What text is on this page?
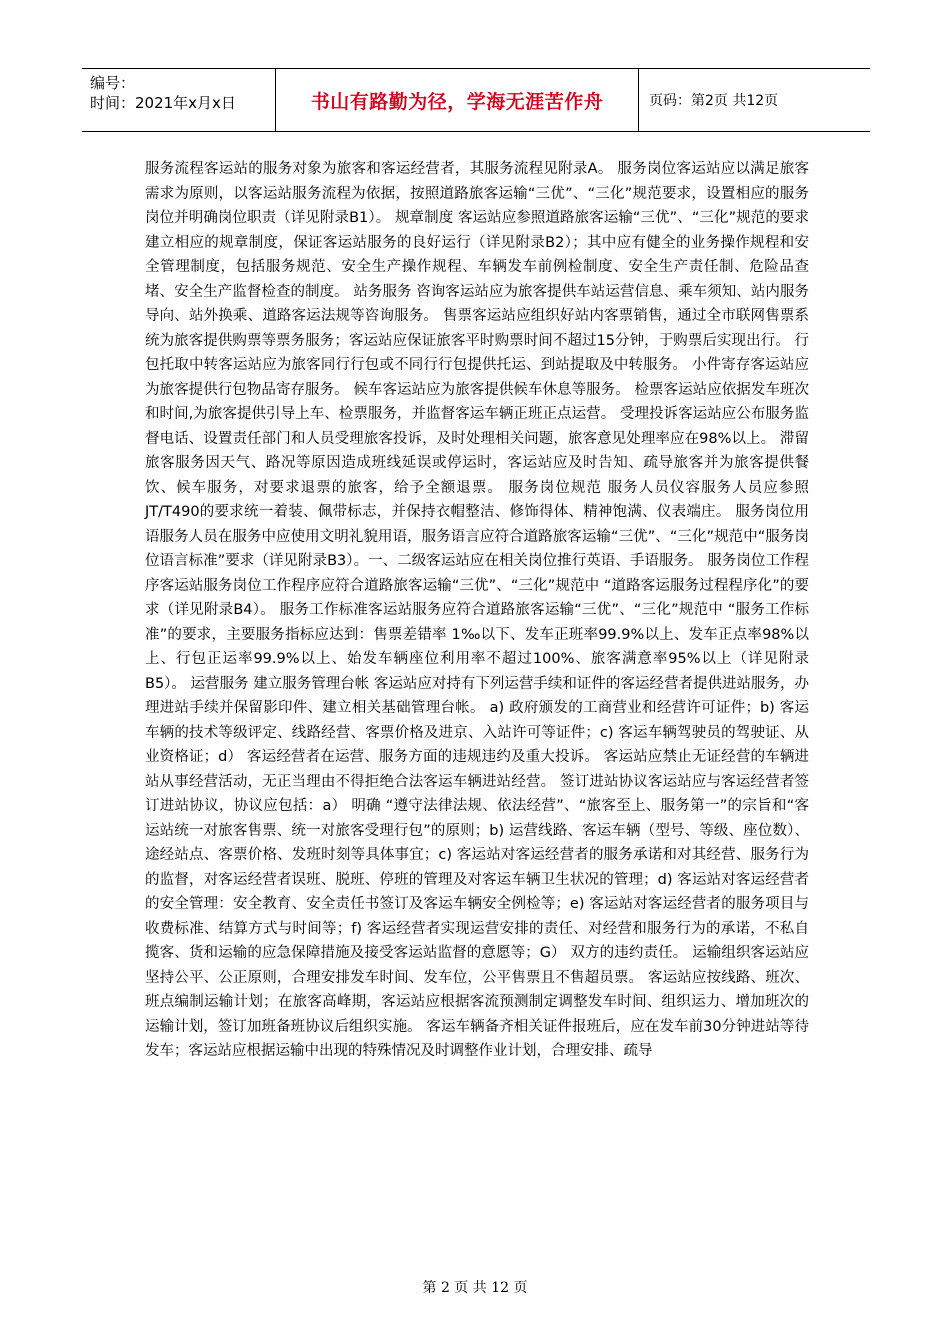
编号：
时间：2021年x月x日	书山有路勤为径，学海无涯苦作舟	页码：第2页 共12页

服务流程客运站的服务对象为旅客和客运经营者，其服务流程见附录A。 服务岗位客运站应以满足旅客需求为原则，以客运站服务流程为依据，按照道路旅客运输“三优”、“三化”规范要求，设置相应的服务岗位并明确岗位职责（详见附录B1）。 规章制度 客运站应参照道路旅客运输“三优”、“三化”规范的要求建立相应的规章制度，保证客运站服务的良好运行（详见附录B2）；其中应有健全的业务操作规程和安全管理制度，包括服务规范、安全生产操作规程、车辆发车前例检制度、安全生产责任制、危险品查堵、安全生产监督检查的制度。 站务服务 咨询客运站应为旅客提供车站运营信息、乘车须知、站内服务导向、站外换乘、道路客运法规等咨询服务。 售票客运站应组织好站内客票销售，通过全市联网售票系统为旅客提供购票等票务服务；客运站应保证旅客平时购票时间不超过15分钟，于购票后实现出行。 行包托取中转客运站应为旅客同行行包或不同行行包提供托运、到站提取及中转服务。 小件寄存客运站应为旅客提供行包物品寄存服务。 候车客运站应为旅客提供候车休息等服务。 检票客运站应依据发车班次和时间,为旅客提供引导上车、检票服务，并监督客运车辆正班正点运营。 受理投诉客运站应公布服务监督电话、设置责任部门和人员受理旅客投诉，及时处理相关问题，旅客意见处理率应在98%以上。 滞留旅客服务因天气、路况等原因造成班线延误或停运时，客运站应及时告知、疏导旅客并为旅客提供餐饮、候车服务，对要求退票的旅客，给予全额退票。 服务岗位规范 服务人员仪容服务人员应参照JT/T490的要求统一着装、佩带标志，并保持衣帽整洁、修饰得体、精神饱满、仪表端庄。 服务岗位用语服务人员在服务中应使用文明礼貌用语，服务语言应符合道路旅客运输“三优”、“三化”规范中“服务岗位语言标准”要求（详见附录B3）。一、二级客运站应在相关岗位推行英语、手语服务。 服务岗位工作程序客运站服务岗位工作程序应符合道路旅客运输“三优”、“三化”规范中 “道路客运服务过程程序化”的要求（详见附录B4）。 服务工作标准客运站服务应符合道路旅客运输“三优”、“三化”规范中 “服务工作标准”的要求，主要服务指标应达到：售票差错率 1‰以下、发车正班率99.9%以上、发车正点率98%以上、行包正运率99.9%以上、始发车辆座位利用率不超过100%、旅客满意率95%以上（详见附录B5）。 运营服务 建立服务管理台帐 客运站应对持有下列运营手续和证件的客运经营者提供进站服务，办理进站手续并保留影印件、建立相关基础管理台帐。 a) 政府颁发的工商营业和经营许可证件；b) 客运车辆的技术等级评定、线路经营、客票价格及进京、入站许可等证件；c) 客运车辆驾驶员的驾驶证、从业资格证；d） 客运经营者在运营、服务方面的违规违约及重大投诉。 客运站应禁止无证经营的车辆进站从事经营活动，无正当理由不得拒绝合法客运车辆进站经营。 签订进站协议客运站应与客运经营者签订进站协议，协议应包括：a） 明确 “遵守法律法规、依法经营”、“旅客至上、服务第一”的宗旨和“客运站统一对旅客售票、统一对旅客受理行包”的原则；b) 运营线路、客运车辆（型号、等级、座位数）、途经站点、客票价格、发班时刻等具体事宜；c) 客运站对客运经营者的服务承诺和对其经营、服务行为的监督，对客运经营者误班、脱班、停班的管理及对客运车辆卫生状况的管理；d) 客运站对客运经营者的安全管理：安全教育、安全责任书签订及客运车辆安全例检等；e) 客运站对客运经营者的服务项目与收费标准、结算方式与时间等；f) 客运经营者实现运营安排的责任、对经营和服务行为的承诺，不私自揽客、货和运输的应急保障措施及接受客运站监督的意愿等；G） 双方的违约责任。 运输组织客运站应坚持公平、公正原则，合理安排发车时间、发车位，公平售票且不售超员票。 客运站应按线路、班次、班点编制运输计划；在旅客高峰期，客运站应根据客流预测制定调整发车时间、组织运力、增加班次的运输计划，签订加班备班协议后组织实施。 客运车辆备齐相关证件报班后，应在发车前30分钟进站等待发车；客运站应根据运输中出现的特殊情况及时调整作业计划，合理安排、疏导

第 2 页 共 12 页
